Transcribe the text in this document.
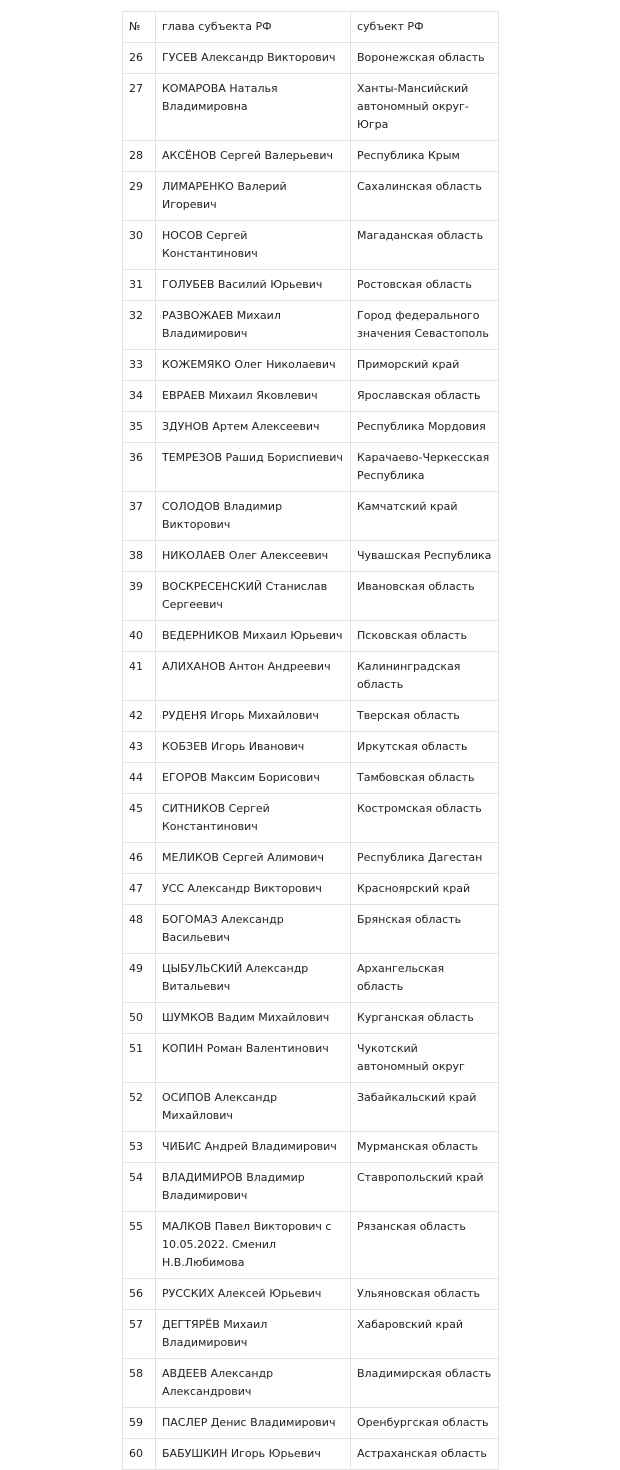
№	глава субъекта РФ	субъект РФ
26	ГУСЕВ Александр Викторович	Воронежская область
27	КОМАРОВА Наталья Владимировна	Ханты-Мансийский автономный округ-Югра
28	АКСЁНОВ Сергей Валерьевич	Республика Крым
29	ЛИМАРЕНКО Валерий Игоревич	Сахалинская область
30	НОСОВ Сергей Константинович	Магаданская область
31	ГОЛУБЕВ Василий Юрьевич	Ростовская область
32	РАЗВОЖАЕВ Михаил Владимирович	Город федерального значения Севастополь
33	КОЖЕМЯКО Олег Николаевич	Приморский край
34	ЕВРАЕВ Михаил Яковлевич	Ярославская область
35	ЗДУНОВ Артем Алексеевич	Республика Мордовия
36	ТЕМРЕЗОВ Рашид Бориспиевич	Карачаево-Черкесская Республика
37	СОЛОДОВ Владимир Викторович	Камчатский край
38	НИКОЛАЕВ Олег Алексеевич	Чувашская Республика
39	ВОСКРЕСЕНСКИЙ Станислав Сергеевич	Ивановская область
40	ВЕДЕРНИКОВ Михаил Юрьевич	Псковская область
41	АЛИХАНОВ Антон Андреевич	Калининградская область
42	РУДЕНЯ Игорь Михайлович	Тверская область
43	КОБЗЕВ Игорь Иванович	Иркутская область
44	ЕГОРОВ Максим Борисович	Тамбовская область
45	СИТНИКОВ Сергей Константинович	Костромская область
46	МЕЛИКОВ Сергей Алимович	Республика Дагестан
47	УСС Александр Викторович	Красноярский край
48	БОГОМАЗ Александр Васильевич	Брянская область
49	ЦЫБУЛЬСКИЙ Александр Витальевич	Архангельская область
50	ШУМКОВ Вадим Михайлович	Курганская область
51	КОПИН Роман Валентинович	Чукотский автономный округ
52	ОСИПОВ Александр Михайлович	Забайкальский край
53	ЧИБИС Андрей Владимирович	Мурманская область
54	ВЛАДИМИРОВ Владимир Владимирович	Ставропольский край
55	МАЛКОВ Павел Викторович с 10.05.2022. Сменил Н.В.Любимова	Рязанская область
56	РУССКИХ Алексей Юрьевич	Ульяновская область
57	ДЕГТЯРЁВ Михаил Владимирович	Хабаровский край
58	АВДЕЕВ Александр Александрович	Владимирская область
59	ПАСЛЕР Денис Владимирович	Оренбургская область
60	БАБУШКИН Игорь Юрьевич	Астраханская область
